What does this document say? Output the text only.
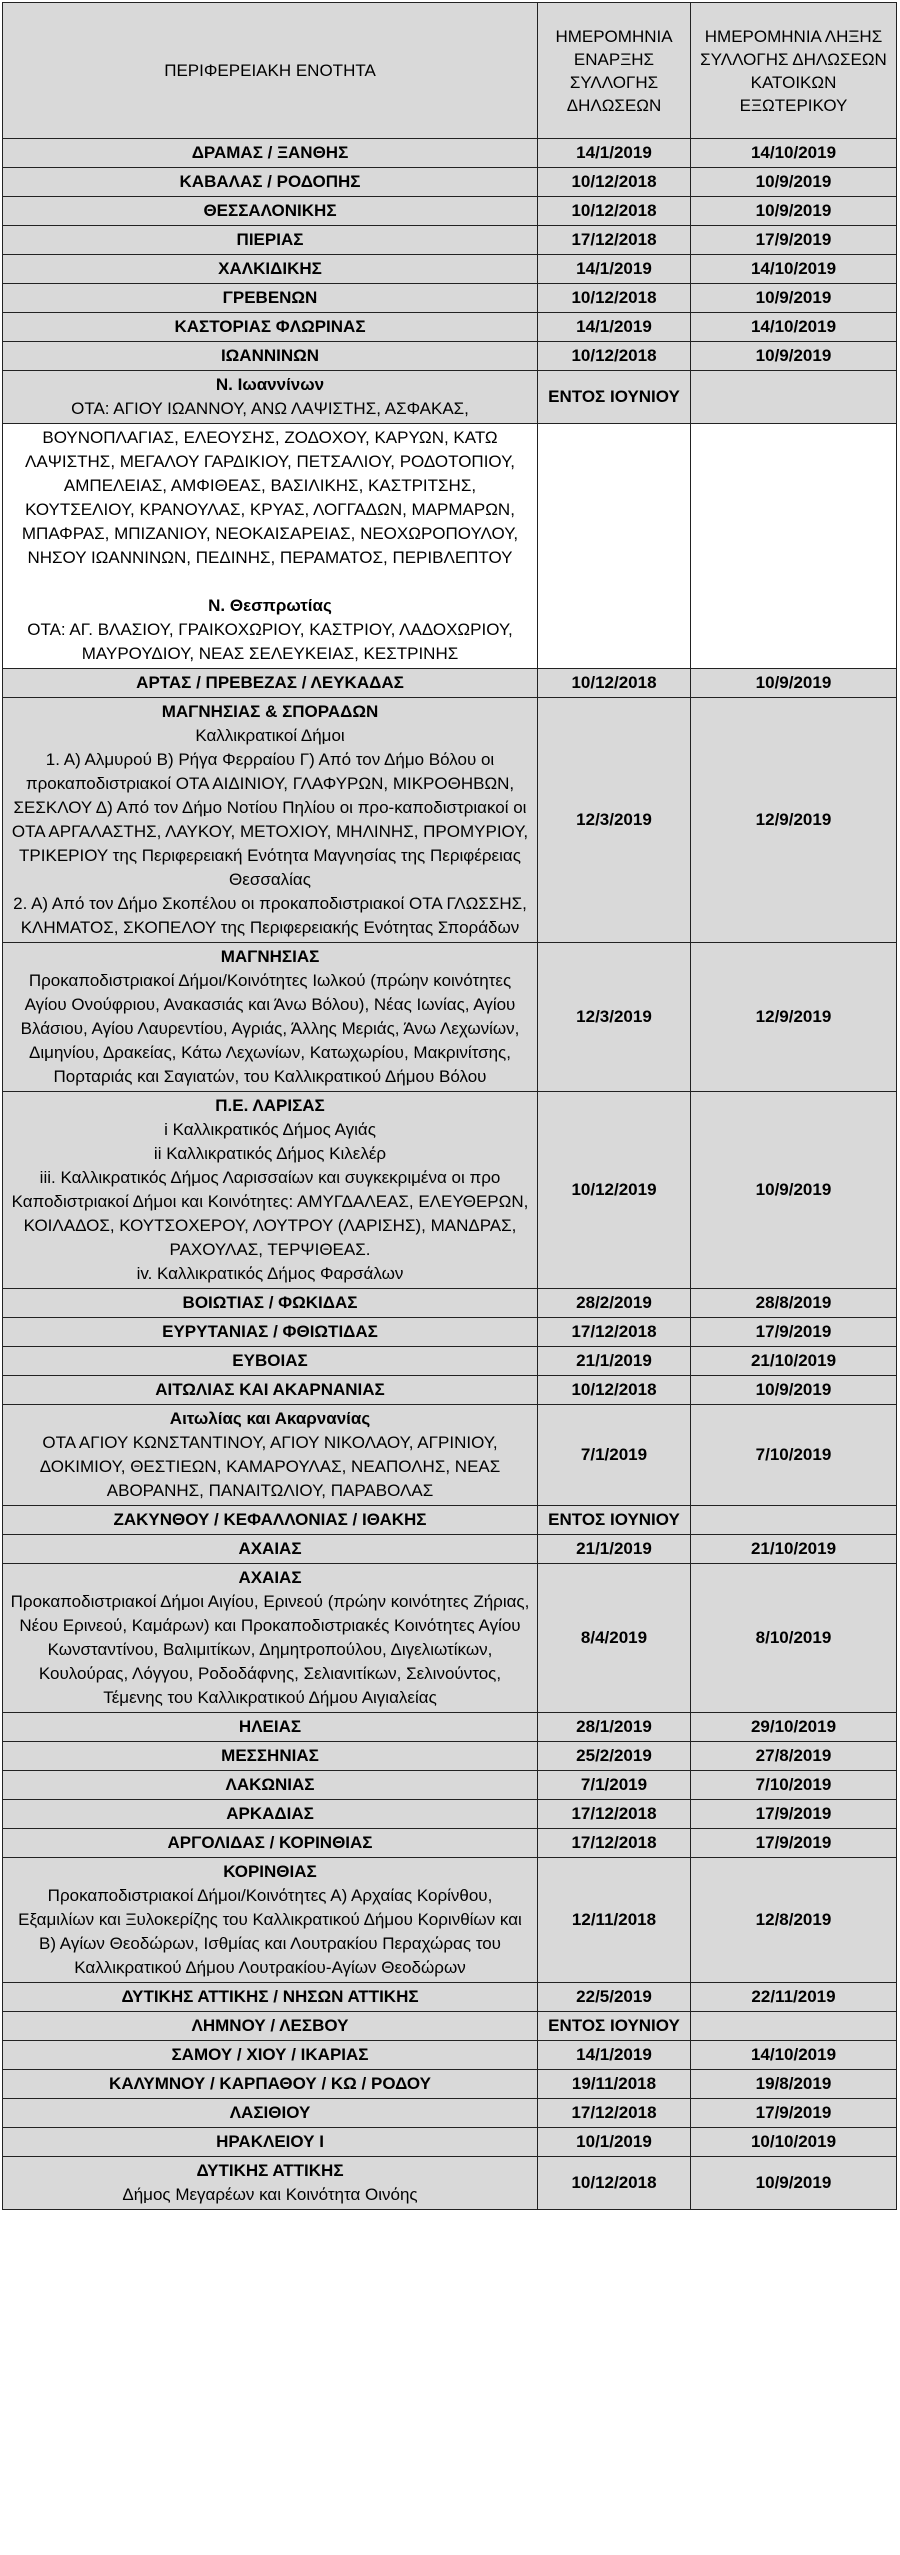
ΠΕΡΙΦΕΡΕΙΑΚΗ ΕΝΟΤΗΤΑ	ΗΜΕΡΟΜΗΝΙΑ ΕΝΑΡΞΗΣ ΣΥΛΛΟΓΗΣ ΔΗΛΩΣΕΩΝ	ΗΜΕΡΟΜΗΝΙΑ ΛΗΞΗΣ ΣΥΛΛΟΓΗΣ ΔΗΛΩΣΕΩΝ ΚΑΤΟΙΚΩΝ ΕΞΩΤΕΡΙΚΟΥ

ΔΡΑΜΑΣ / ΞΑΝΘΗΣ	14/1/2019	14/10/2019

ΚΑΒΑΛΑΣ / ΡΟΔΟΠΗΣ	10/12/2018	10/9/2019

ΘΕΣΣΑΛΟΝΙΚΗΣ	10/12/2018	10/9/2019

ΠΙΕΡΙΑΣ	17/12/2018	17/9/2019

ΧΑΛΚΙΔΙΚΗΣ	14/1/2019	14/10/2019

ΓΡΕΒΕΝΩΝ	10/12/2018	10/9/2019

ΚΑΣΤΟΡΙΑΣ ΦΛΩΡΙΝΑΣ	14/1/2019	14/10/2019

ΙΩΑΝΝΙΝΩΝ	10/12/2018	10/9/2019

Ν. Ιωαννίνων
ΟΤΑ: ΑΓΙΟΥ ΙΩΑΝΝΟΥ, ΑΝΩ ΛΑΨΙΣΤΗΣ, ΑΣΦΑΚΑΣ,	ΕΝΤΟΣ ΙΟΥΝΙΟΥ	

ΒΟΥΝΟΠΛΑΓΙΑΣ, ΕΛΕΟΥΣΗΣ, ΖΟΔΟΧΟΥ, ΚΑΡΥΩΝ, ΚΑΤΩ ΛΑΨΙΣΤΗΣ, ΜΕΓΑΛΟΥ ΓΑΡΔΙΚΙΟΥ, ΠΕΤΣΑΛΙΟΥ, ΡΟΔΟΤΟΠΙΟΥ, ΑΜΠΕΛΕΙΑΣ, ΑΜΦΙΘΕΑΣ, ΒΑΣΙΛΙΚΗΣ, ΚΑΣΤΡΙΤΣΗΣ, ΚΟΥΤΣΕΛΙΟΥ, ΚΡΑΝΟΥΛΑΣ, ΚΡΥΑΣ, ΛΟΓΓΑΔΩΝ, ΜΑΡΜΑΡΩΝ, ΜΠΑΦΡΑΣ, ΜΠΙΖΑΝΙΟΥ, ΝΕΟΚΑΙΣΑΡΕΙΑΣ, ΝΕΟΧΩΡΟΠΟΥΛΟΥ, ΝΗΣΟΥ ΙΩΑΝΝΙΝΩΝ, ΠΕΔΙΝΗΣ, ΠΕΡΑΜΑΤΟΣ, ΠΕΡΙΒΛΕΠΤΟΥ
Ν. Θεσπρωτίας
ΟΤΑ: ΑΓ. ΒΛΑΣΙΟΥ, ΓΡΑΙΚΟΧΩΡΙΟΥ, ΚΑΣΤΡΙΟΥ, ΛΑΔΟΧΩΡΙΟΥ, ΜΑΥΡΟΥΔΙΟΥ, ΝΕΑΣ ΣΕΛΕΥΚΕΙΑΣ, ΚΕΣΤΡΙΝΗΣ		

ΑΡΤΑΣ / ΠΡΕΒΕΖΑΣ / ΛΕΥΚΑΔΑΣ	10/12/2018	10/9/2019

ΜΑΓΝΗΣΙΑΣ & ΣΠΟΡΑΔΩΝ
Καλλικρατικοί Δήμοι
1. Α) Αλμυρού Β) Ρήγα Φερραίου Γ) Από τον Δήμο Βόλου οι προκαποδιστριακοί ΟΤΑ ΑΙΔΙΝΙΟΥ, ΓΛΑΦΥΡΩΝ, ΜΙΚΡΟΘΗΒΩΝ, ΣΕΣΚΛΟΥ Δ) Από τον Δήμο Νοτίου Πηλίου οι προ-καποδιστριακοί οι ΟΤΑ ΑΡΓΑΛΑΣΤΗΣ, ΛΑΥΚΟΥ, ΜΕΤΟΧΙΟΥ, ΜΗΛΙΝΗΣ, ΠΡΟΜΥΡΙΟΥ, ΤΡΙΚΕΡΙΟΥ της Περιφερειακή Ενότητα Μαγνησίας της Περιφέρειας Θεσσαλίας
2. Α) Από τον Δήμο Σκοπέλου οι προκαποδιστριακοί ΟΤΑ ΓΛΩΣΣΗΣ, ΚΛΗΜΑΤΟΣ, ΣΚΟΠΕΛΟΥ της Περιφερειακής Ενότητας Σποράδων	12/3/2019	12/9/2019

ΜΑΓΝΗΣΙΑΣ
Προκαποδιστριακοί Δήμοι/Κοινότητες Ιωλκού (πρώην κοινότητες Αγίου Ονούφριου, Ανακασιάς και Άνω Βόλου), Νέας Ιωνίας, Αγίου Βλάσιου, Αγίου Λαυρεντίου, Αγριάς, Άλλης Μεριάς, Άνω Λεχωνίων, Διμηνίου, Δρακείας, Κάτω Λεχωνίων, Κατωχωρίου, Μακρινίτσης, Πορταριάς και Σαγιατών, του Καλλικρατικού Δήμου Βόλου	12/3/2019	12/9/2019

Π.Ε. ΛΑΡΙΣΑΣ
i Καλλικρατικός Δήμος Αγιάς
ii Καλλικρατικός Δήμος Κιλελέρ
iii. Καλλικρατικός Δήμος Λαρισσαίων και συγκεκριμένα οι προ Καποδιστριακοί Δήμοι και Κοινότητες: ΑΜΥΓΔΑΛΕΑΣ, ΕΛΕΥΘΕΡΩΝ, ΚΟΙΛΑΔΟΣ, ΚΟΥΤΣΟΧΕΡΟΥ, ΛΟΥΤΡΟΥ (ΛΑΡΙΣΗΣ), ΜΑΝΔΡΑΣ, ΡΑΧΟΥΛΑΣ, ΤΕΡΨΙΘΕΑΣ.
iv. Καλλικρατικός Δήμος Φαρσάλων	10/12/2019	10/9/2019

ΒΟΙΩΤΙΑΣ / ΦΩΚΙΔΑΣ	28/2/2019	28/8/2019

ΕΥΡΥΤΑΝΙΑΣ / ΦΘΙΩΤΙΔΑΣ	17/12/2018	17/9/2019

ΕΥΒΟΙΑΣ	21/1/2019	21/10/2019

ΑΙΤΩΛΙΑΣ ΚΑΙ ΑΚΑΡΝΑΝΙΑΣ	10/12/2018	10/9/2019

Αιτωλίας και Ακαρνανίας
ΟΤΑ ΑΓΙΟΥ ΚΩΝΣΤΑΝΤΙΝΟΥ, ΑΓΙΟΥ ΝΙΚΟΛΑΟΥ, ΑΓΡΙΝΙΟΥ, ΔΟΚΙΜΙΟΥ, ΘΕΣΤΙΕΩΝ, ΚΑΜΑΡΟΥΛΑΣ, ΝΕΑΠΟΛΗΣ, ΝΕΑΣ ΑΒΟΡΑΝΗΣ, ΠΑΝΑΙΤΩΛΙΟΥ, ΠΑΡΑΒΟΛΑΣ	7/1/2019	7/10/2019

ΖΑΚΥΝΘΟΥ / ΚΕΦΑΛΛΟΝΙΑΣ / ΙΘΑΚΗΣ	ΕΝΤΟΣ ΙΟΥΝΙΟΥ	

ΑΧΑΙΑΣ	21/1/2019	21/10/2019

ΑΧΑΙΑΣ
Προκαποδιστριακοί Δήμοι Αιγίου, Ερινεού (πρώην κοινότητες Ζήριας, Νέου Ερινεού, Καμάρων) και Προκαποδιστριακές Κοινότητες Αγίου Κωνσταντίνου, Βαλιμιτίκων, Δημητροπούλου, Διγελιωτίκων, Κουλούρας, Λόγγου, Ροδοδάφνης, Σελιανιτίκων, Σελινούντος, Τέμενης του Καλλικρατικού Δήμου Αιγιαλείας	8/4/2019	8/10/2019

ΗΛΕΙΑΣ	28/1/2019	29/10/2019

ΜΕΣΣΗΝΙΑΣ	25/2/2019	27/8/2019

ΛΑΚΩΝΙΑΣ	7/1/2019	7/10/2019

ΑΡΚΑΔΙΑΣ	17/12/2018	17/9/2019

ΑΡΓΟΛΙΔΑΣ / ΚΟΡΙΝΘΙΑΣ	17/12/2018	17/9/2019

ΚΟΡΙΝΘΙΑΣ
Προκαποδιστριακοί Δήμοι/Κοινότητες Α) Αρχαίας Κορίνθου, Εξαμιλίων και Ξυλοκερίζης του Καλλικρατικού Δήμου Κορινθίων και Β) Αγίων Θεοδώρων, Ισθμίας και Λουτρακίου Περαχώρας του Καλλικρατικού Δήμου Λουτρακίου-Αγίων Θεοδώρων	12/11/2018	12/8/2019

ΔΥΤΙΚΗΣ ΑΤΤΙΚΗΣ / ΝΗΣΩΝ ΑΤΤΙΚΗΣ	22/5/2019	22/11/2019

ΛΗΜΝΟΥ / ΛΕΣΒΟΥ	ΕΝΤΟΣ ΙΟΥΝΙΟΥ	

ΣΑΜΟΥ / ΧΙΟΥ / ΙΚΑΡΙΑΣ	14/1/2019	14/10/2019

ΚΑΛΥΜΝΟΥ / ΚΑΡΠΑΘΟΥ / ΚΩ / ΡΟΔΟΥ	19/11/2018	19/8/2019

ΛΑΣΙΘΙΟΥ	17/12/2018	17/9/2019

ΗΡΑΚΛΕΙΟΥ Ι	10/1/2019	10/10/2019

ΔΥΤΙΚΗΣ ΑΤΤΙΚΗΣ
Δήμος Μεγαρέων και Κοινότητα Οινόης	10/12/2018	10/9/2019
